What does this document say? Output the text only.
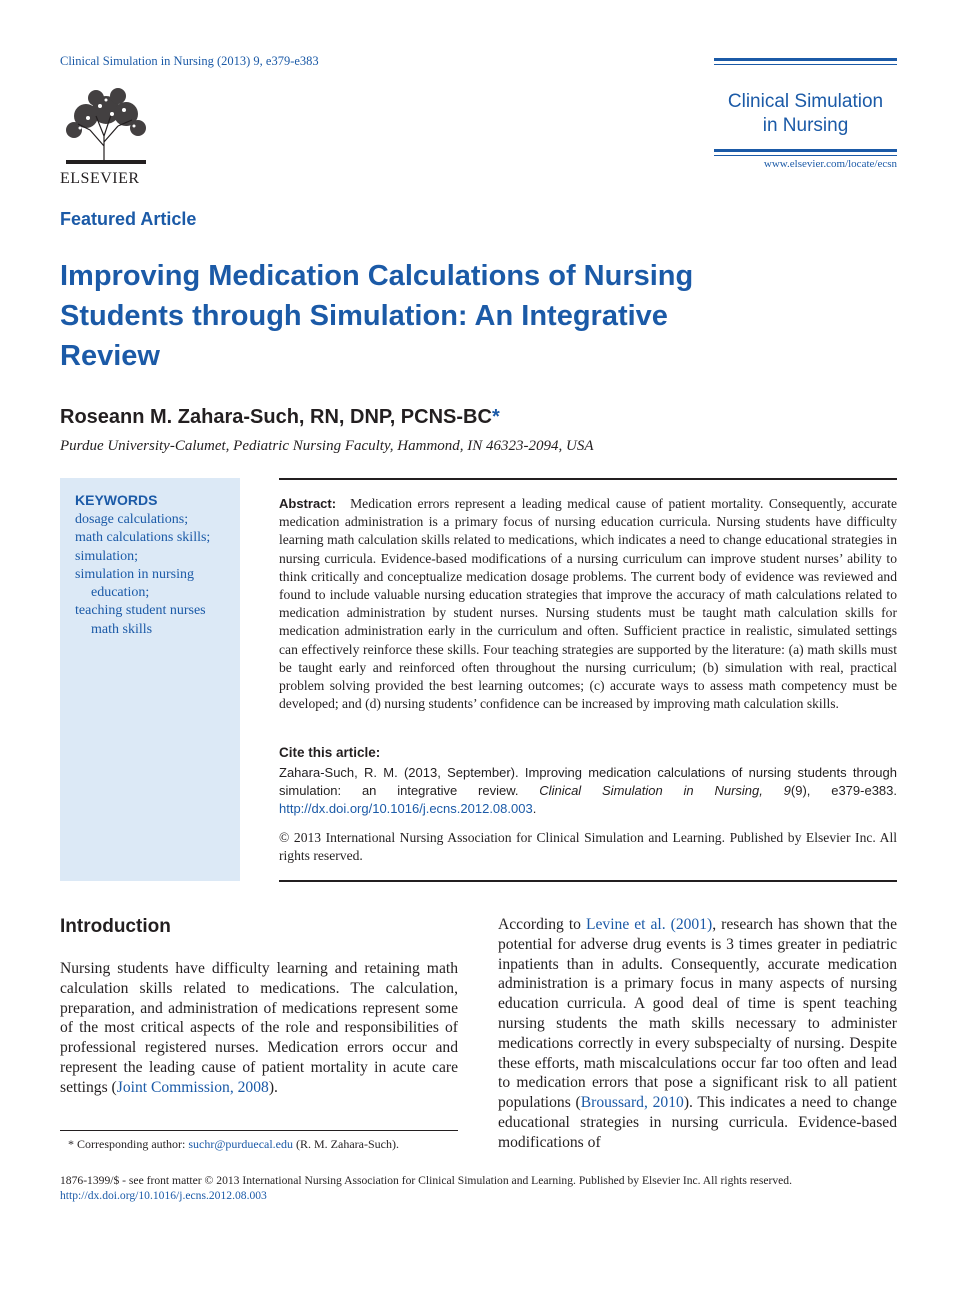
Clinical Simulation in Nursing (2013) 9, e379-e383
ELSEVIER
Clinical Simulation
in Nursing
www.elsevier.com/locate/ecsn
Featured Article
Improving Medication Calculations of Nursing Students through Simulation: An Integrative Review
Roseann M. Zahara-Such, RN, DNP, PCNS-BC*
Purdue University-Calumet, Pediatric Nursing Faculty, Hammond, IN 46323-2094, USA
KEYWORDS
dosage calculations;
math calculations skills;
simulation;
simulation in nursing education;
teaching student nurses math skills
Abstract: Medication errors represent a leading medical cause of patient mortality. Consequently, accurate medication administration is a primary focus of nursing education curricula. Nursing students have difficulty learning math calculation skills related to medications, which indicates a need to change educational strategies in nursing curricula. Evidence-based modifications of a nursing curriculum can improve student nurses’ ability to think critically and conceptualize medication dosage problems. The current body of evidence was reviewed and found to include valuable nursing education strategies that improve the accuracy of math calculations related to medication administration by student nurses. Nursing students must be taught math calculation skills for medication administration early in the curriculum and often. Sufficient practice in realistic, simulated settings can effectively reinforce these skills. Four teaching strategies are supported by the literature: (a) math skills must be taught early and reinforced often throughout the nursing curriculum; (b) simulation with real, practical problem solving provided the best learning outcomes; (c) accurate ways to assess math competency must be developed; and (d) nursing students’ confidence can be increased by improving math calculation skills.
Cite this article:
Zahara-Such, R. M. (2013, September). Improving medication calculations of nursing students through simulation: an integrative review. Clinical Simulation in Nursing, 9(9), e379-e383. http://dx.doi.org/10.1016/j.ecns.2012.08.003.
© 2013 International Nursing Association for Clinical Simulation and Learning. Published by Elsevier Inc. All rights reserved.
Introduction
Nursing students have difficulty learning and retaining math calculation skills related to medications. The calculation, preparation, and administration of medications represent some of the most critical aspects of the role and responsibilities of professional registered nurses. Medication errors occur and represent the leading cause of patient mortality in acute care settings (Joint Commission, 2008).
According to Levine et al. (2001), research has shown that the potential for adverse drug events is 3 times greater in pediatric inpatients than in adults. Consequently, accurate medication administration is a primary focus in many aspects of nursing education curricula. A good deal of time is spent teaching nursing students the math skills necessary to administer medications correctly in every subspecialty of nursing. Despite these efforts, math miscalculations occur far too often and lead to medication errors that pose a significant risk to all patient populations (Broussard, 2010). This indicates a need to change educational strategies in nursing curricula. Evidence-based modifications of
* Corresponding author: suchr@purduecal.edu (R. M. Zahara-Such).
1876-1399/$ - see front matter © 2013 International Nursing Association for Clinical Simulation and Learning. Published by Elsevier Inc. All rights reserved.
http://dx.doi.org/10.1016/j.ecns.2012.08.003
